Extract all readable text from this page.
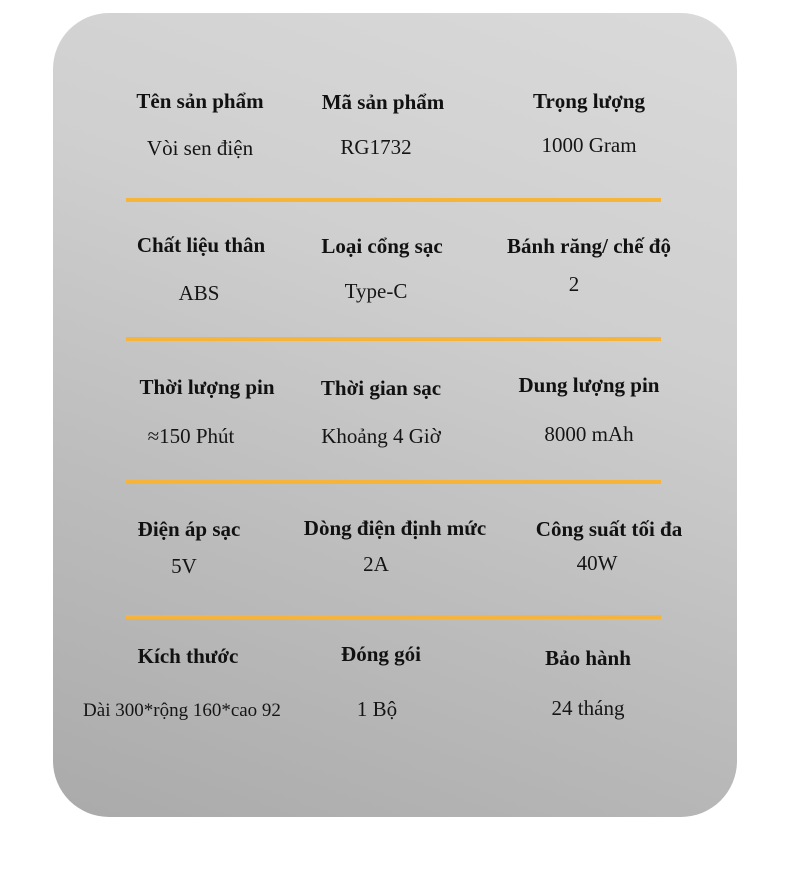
Tên sản phẩm
Vòi sen điện
Mã sản phẩm
RG1732
Trọng lượng
1000 Gram
Chất liệu thân
ABS
Loại cổng sạc
Type-C
Bánh răng/ chế độ
2
Thời lượng pin
≈150 Phút
Thời gian sạc
Khoảng 4 Giờ
Dung lượng pin
8000 mAh
Điện áp sạc
5V
Dòng điện định mức
2A
Công suất tối đa
40W
Kích thước
Dài 300*rộng 160*cao 92
Đóng gói
1 Bộ
Bảo hành
24 tháng
